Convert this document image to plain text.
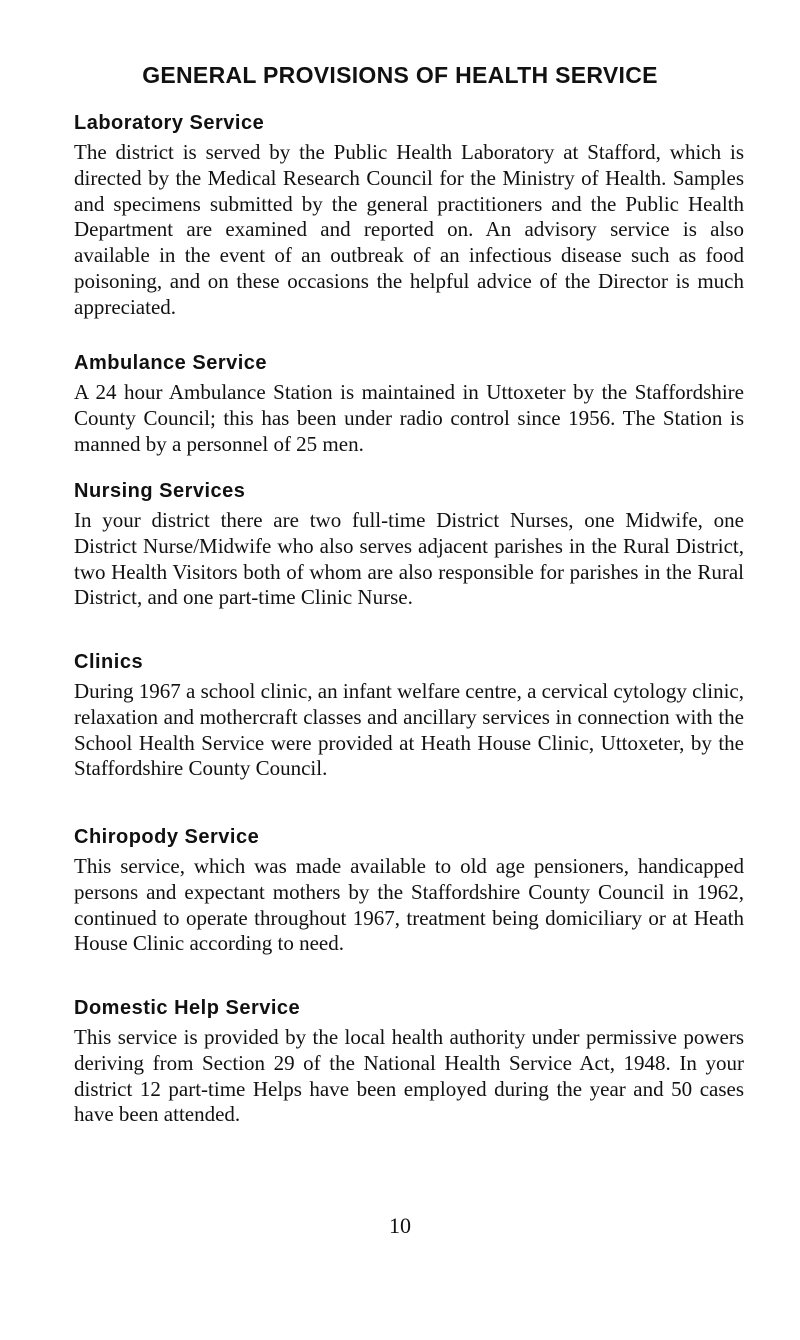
GENERAL PROVISIONS OF HEALTH SERVICE
Laboratory Service

The district is served by the Public Health Laboratory at Stafford, which is directed by the Medical Research Council for the Ministry of Health. Samples and specimens submitted by the general practitioners and the Public Health Department are examined and reported on. An advisory service is also available in the event of an outbreak of an infectious disease such as food poisoning, and on these occasions the helpful advice of the Director is much appreciated.

Ambulance Service

A 24 hour Ambulance Station is maintained in Uttoxeter by the Staffordshire County Council; this has been under radio control since 1956. The Station is manned by a personnel of 25 men.

Nursing Services

In your district there are two full-time District Nurses, one Midwife, one District Nurse/Midwife who also serves adjacent parishes in the Rural District, two Health Visitors both of whom are also responsible for parishes in the Rural District, and one part-time Clinic Nurse.

Clinics

During 1967 a school clinic, an infant welfare centre, a cervical cytology clinic, relaxation and mothercraft classes and ancillary services in connection with the School Health Service were provided at Heath House Clinic, Uttoxeter, by the Staffordshire County Council.

Chiropody Service

This service, which was made available to old age pensioners, handicapped persons and expectant mothers by the Staffordshire County Council in 1962, continued to operate throughout 1967, treatment being domiciliary or at Heath House Clinic according to need.

Domestic Help Service

This service is provided by the local health authority under permissive powers deriving from Section 29 of the National Health Service Act, 1948. In your district 12 part-time Helps have been employed during the year and 50 cases have been attended.

10
